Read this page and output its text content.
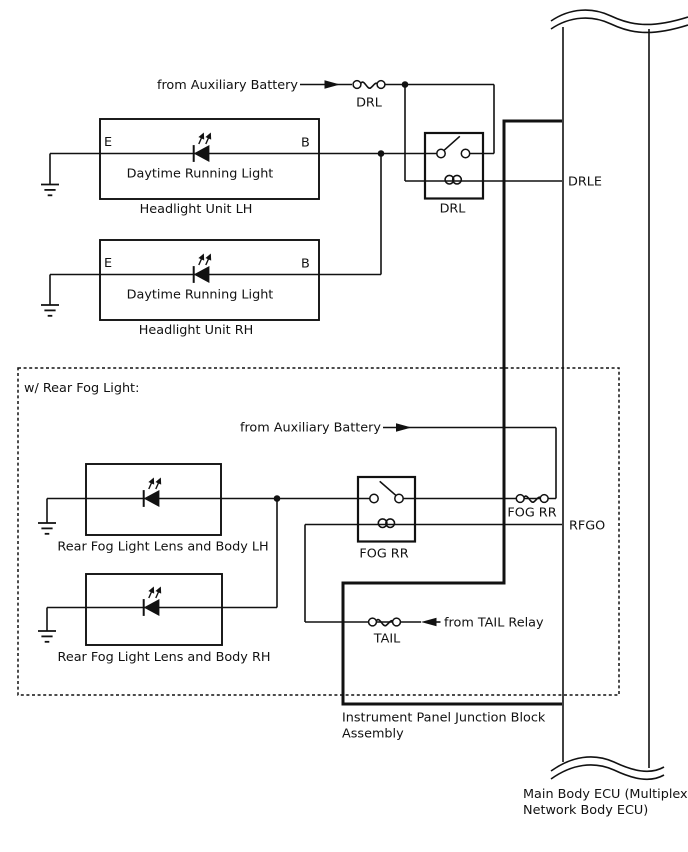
Main Body ECU (Multiplex
Network Body ECU)
Instrument Panel Junction Block
Assembly
w/ Rear Fog Light:
DRL
from Auxiliary Battery
DRL
DRLE
E	B
Daytime Running Light
Headlight Unit LH
E	B
Daytime Running Light
Headlight Unit RH
from Auxiliary Battery
FOG RR
FOG RR
RFGO
TAIL
from TAIL Relay
Rear Fog Light Lens and Body LH
Rear Fog Light Lens and Body RH
